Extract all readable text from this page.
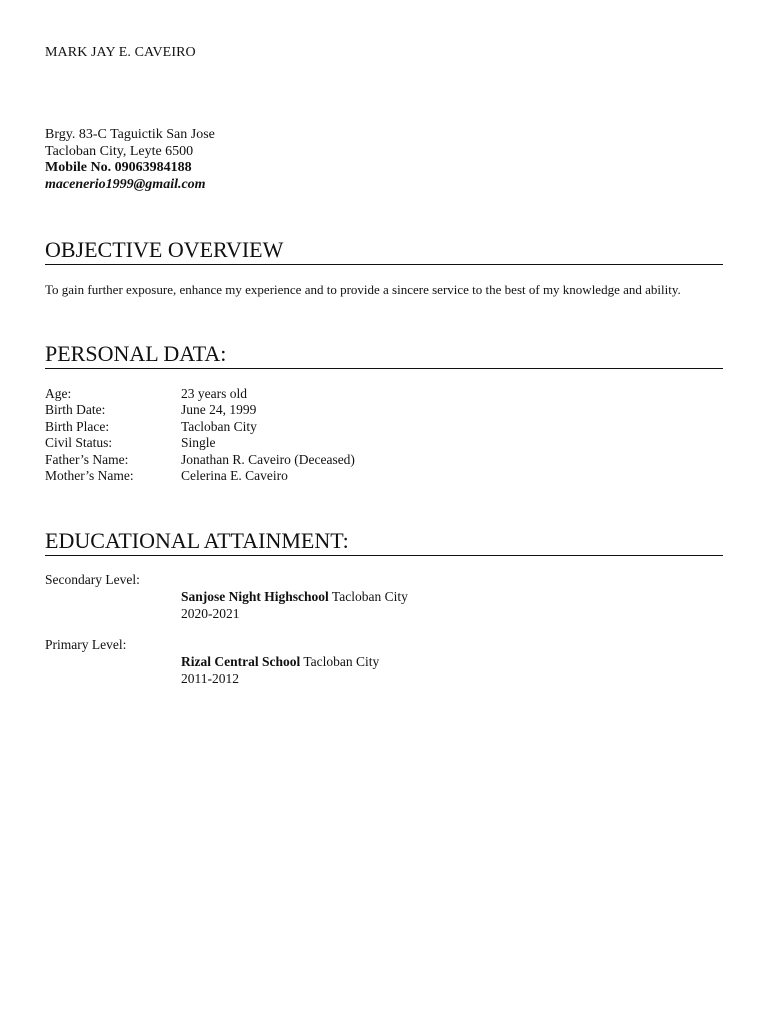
MARK JAY E. CAVEIRO
Brgy. 83-C Taguictik San Jose
Tacloban City, Leyte 6500
Mobile No. 09063984188
macenerio1999@gmail.com
OBJECTIVE OVERVIEW
To gain further exposure, enhance my experience and to provide a sincere service to the best of my knowledge and ability.
PERSONAL DATA:
Age:	23 years old
Birth Date:	June 24, 1999
Birth Place:	Tacloban City
Civil Status:	Single
Father’s Name:	Jonathan R. Caveiro (Deceased)
Mother’s Name:	Celerina E. Caveiro
EDUCATIONAL ATTAINMENT:
Secondary Level:
Sanjose Night Highschool Tacloban City
2020-2021
Primary Level:
Rizal Central School Tacloban City
2011-2012
